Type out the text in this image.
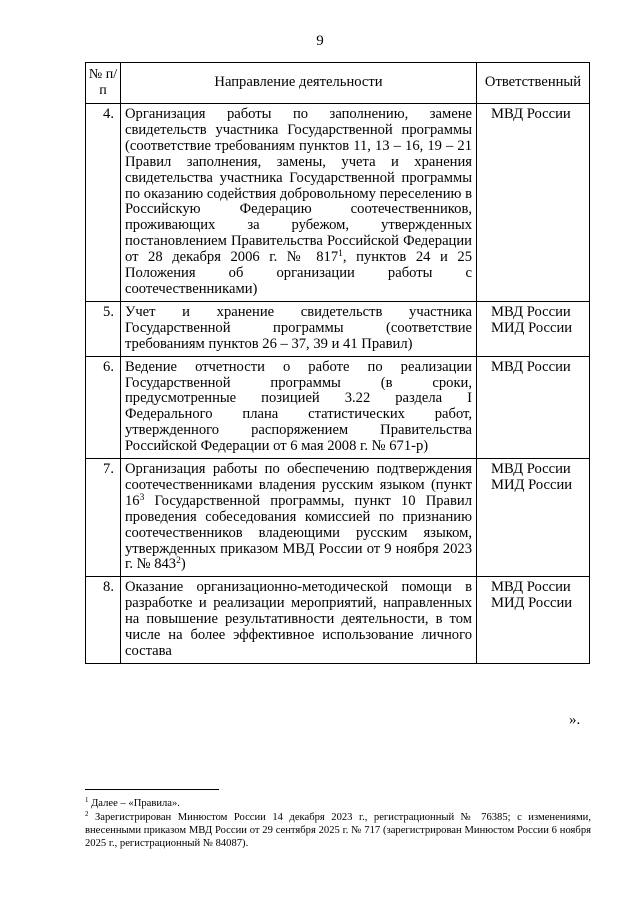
9
№ п/п	Направление деятельности	Ответственный
4.	Организация работы по заполнению, замене свидетельств участника Государственной программы (соответствие требованиям пунктов 11, 13 – 16, 19 – 21 Правил заполнения, замены, учета и хранения свидетельства участника Государственной программы по оказанию содействия добровольному переселению в Российскую Федерацию соотечественников, проживающих за рубежом, утвержденных постановлением Правительства Российской Федерации от 28 декабря 2006 г. № $817^1$, пунктов 24 и 25 Положения об организации работы с соотечественниками)	МВД России

5.	Учет и хранение свидетельств участника Государственной программы (соответствие требованиям пунктов 26 – 37, 39 и 41 Правил)	МВД России
МИД России

6.	Ведение отчетности о работе по реализации Государственной программы (в сроки, предусмотренные позицией 3.22 раздела I Федерального плана статистических работ, утвержденного распоряжением Правительства Российской Федерации от 6 мая 2008 г. № 671-р)	МВД России

7.	Организация работы по обеспечению подтверждения соотечественниками владения русским языком (пункт $16^3$ Государственной программы, пункт 10 Правил проведения собеседования комиссией по признанию соотечественников владеющими русским языком, утвержденных приказом МВД России от 9 ноября 2023 г. № $843^2$)	МВД России
МИД России

8.	Оказание организационно-методической помощи в разработке и реализации мероприятий, направленных на повышение результативности деятельности, в том числе на более эффективное использование личного состава	МВД России
МИД России
».
$^1$ Далее – «Правила».
$^2$ Зарегистрирован Минюстом России 14 декабря 2023 г., регистрационный № 76385; с изменениями, внесенными приказом МВД России от 29 сентября 2025 г. № 717 (зарегистрирован Минюстом России 6 ноября 2025 г., регистрационный № 84087).
